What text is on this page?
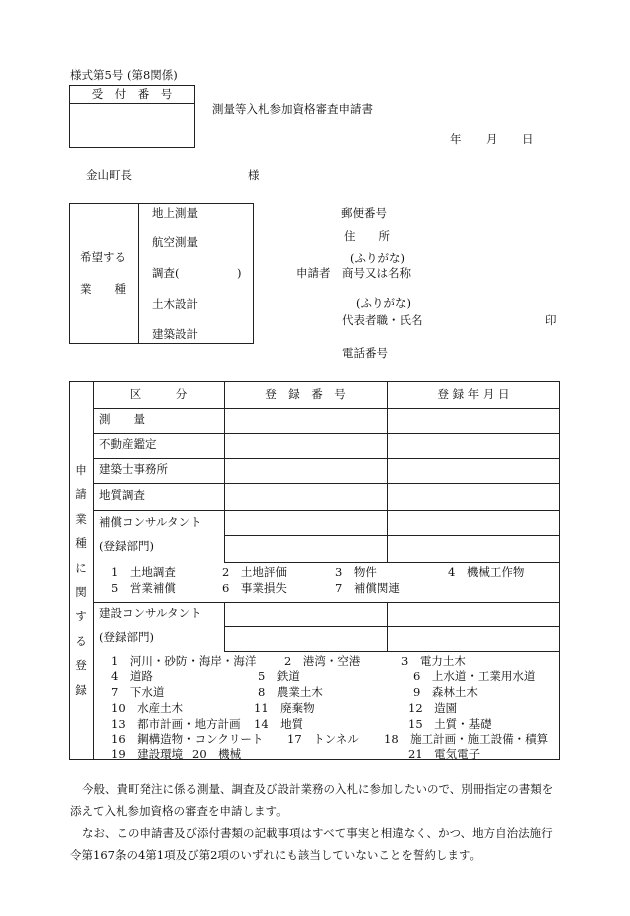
様式第5号 (第8関係)
受　付　番　号
測量等入札参加資格審査申請書
年 月 日
金山町長	様
希望する
業　　種
地上測量
航空測量
調査(　　　　　)
土木設計
建築設計
郵便番号
住　　所
(ふりがな)
申請者 商号又は名称
(ふりがな)
代表者職・氏名	印
電話番号
申
請
業
種
に
関
す
る
登
録
区　　　分	登　録　番　号	登 録 年 月 日
測　　量
不動産鑑定
建築士事務所
地質調査
補償コンサルタント
(登録部門)
1　土地調査	2　土地評価	3　物件	4　機械工作物
5　営業補償	6　事業損失	7　補償関連
建設コンサルタント
(登録部門)
1　河川・砂防・海岸・海洋 2　港湾・空港	3　電力土木
4　道路	5　鉄道	6　上水道・工業用水道
7　下水道	8　農業土木	9　森林土木
10　水産土木	11　廃棄物	12　造園
13　都市計画・地方計画 14　地質	15　土質・基礎
16　鋼構造物・コンクリート 17　トンネル 18　施工計画・施工設備・積算
19　建設環境 20　機械	21　電気電子
今般、貴町発注に係る測量、調査及び設計業務の入札に参加したいので、別冊指定の書類を添えて入札参加資格の審査を申請します。
なお、この申請書及び添付書類の記載事項はすべて事実と相違なく、かつ、地方自治法施行令第167条の4第1項及び第2項のいずれにも該当していないことを誓約します。
